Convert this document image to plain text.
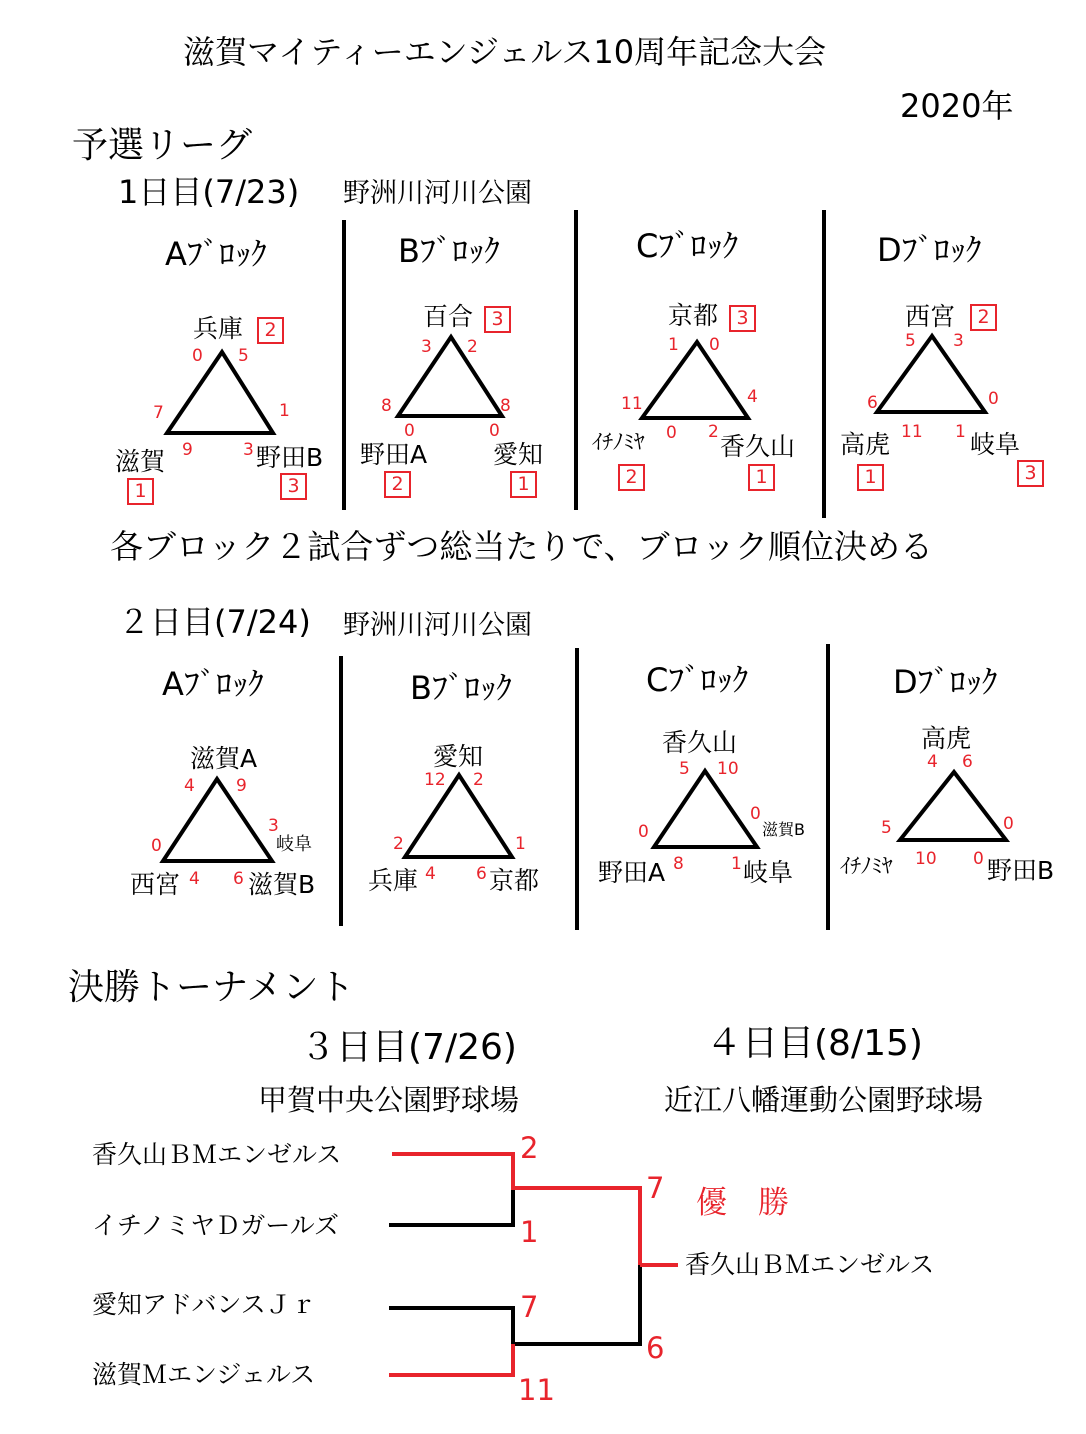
滋賀マイティーエンジェルス10周年記念大会
2020年
予選リーグ
1日目(7/23) 野洲川河川公園
Aﾌﾞﾛｯｸ
兵庫
滋賀	野田B
0 5
7
9
1
3
2
1	3
Bﾌﾞﾛｯｸ
百合
野田A	愛知
3 2
8
0
8
0
3
2	1
Cﾌﾞﾛｯｸ
京都
ｲﾁﾉﾐﾔ	香久山
1 0
11
0
4
2
3
2	1
Dﾌﾞﾛｯｸ
西宮
高虎	岐阜
5 3
6
11
0
1
2
1	3
各ブロック２試合ずつ総当たりで、ブロック順位決める
２日目(7/24) 野洲川河川公園
Aﾌﾞﾛｯｸ
滋賀A
西宮	滋賀B
岐阜
4 9
0
4
3
6
Bﾌﾞﾛｯｸ
愛知
兵庫	京都
12 2
2
4
1
6
Cﾌﾞﾛｯｸ
香久山
野田A	岐阜
滋賀B
5 10
0
8
0
1
Dﾌﾞﾛｯｸ
高虎
ｲﾁﾉﾐﾔ	野田B
4 6
5
10
0
0
決勝トーナメント
３日目(7/26)
甲賀中央公園野球場
４日目(8/15)
近江八幡運動公園野球場
香久山ＢＭエンゼルス
イチノミヤＤガールズ
愛知アドバンスＪｒ
滋賀Ｍエンジェルス
2
1
7
11
7
6
優　勝
香久山ＢＭエンゼルス
